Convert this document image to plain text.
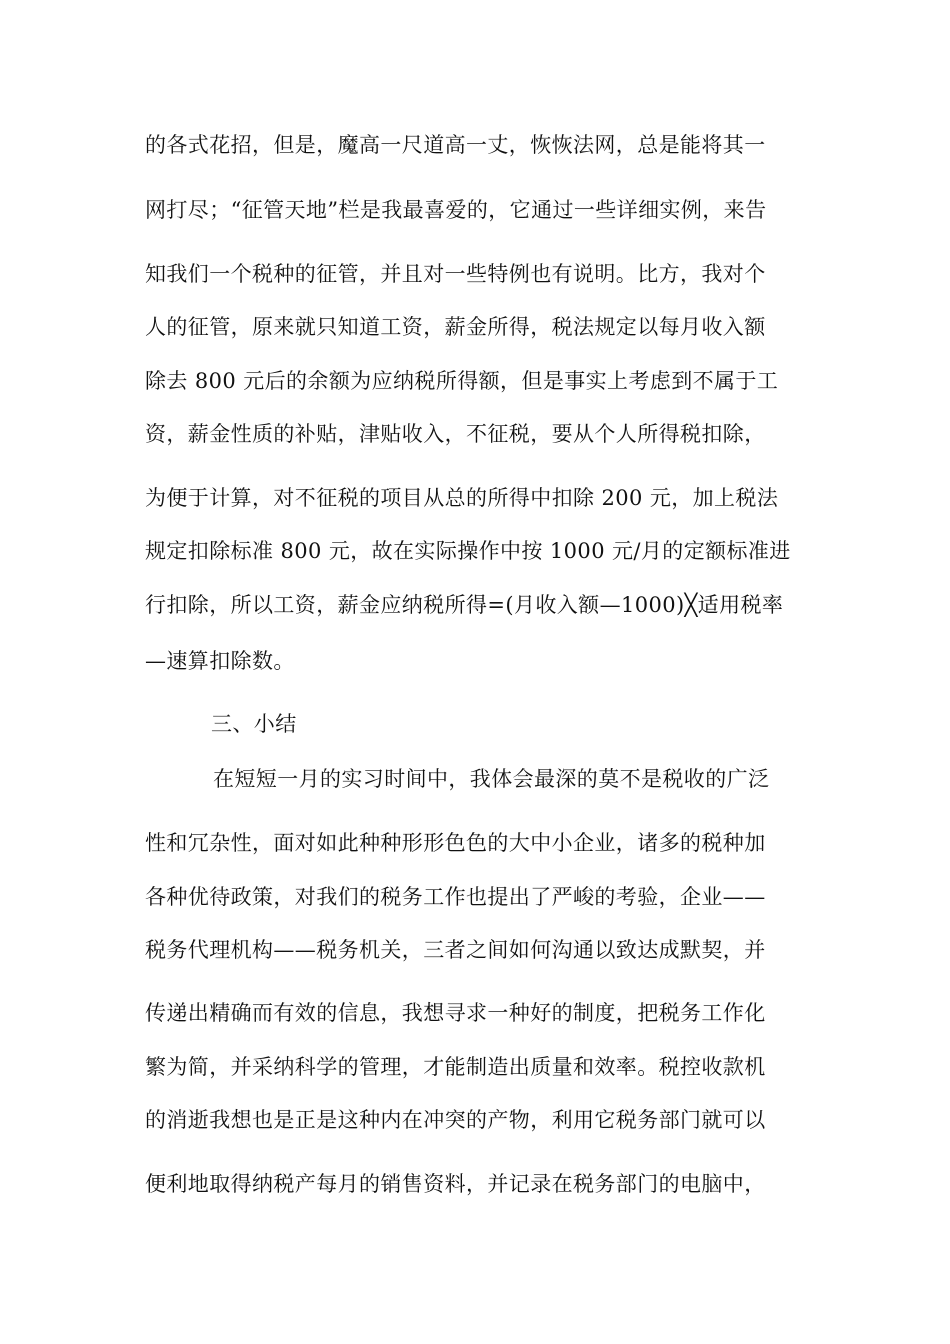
的各式花招，但是，魔高一尺道高一丈，恢恢法网，总是能将其一
网打尽；“征管天地”栏是我最喜爱的，它通过一些详细实例，来告
知我们一个税种的征管，并且对一些特例也有说明。比方，我对个
人的征管，原来就只知道工资，薪金所得，税法规定以每月收入额
除去 800 元后的余额为应纳税所得额，但是事实上考虑到不属于工
资，薪金性质的补贴，津贴收入，不征税，要从个人所得税扣除，
为便于计算，对不征税的项目从总的所得中扣除 200 元，加上税法
规定扣除标准 800 元，故在实际操作中按 1000 元/月的定额标准进
行扣除，所以工资，薪金应纳税所得=(月收入额—1000)╳适用税率
—速算扣除数。
三、小结
在短短一月的实习时间中，我体会最深的莫不是税收的广泛
性和冗杂性，面对如此种种形形色色的大中小企业，诸多的税种加
各种优待政策，对我们的税务工作也提出了严峻的考验，企业——
税务代理机构——税务机关，三者之间如何沟通以致达成默契，并
传递出精确而有效的信息，我想寻求一种好的制度，把税务工作化
繁为简，并采纳科学的管理，才能制造出质量和效率。税控收款机
的消逝我想也是正是这种内在冲突的产物，利用它税务部门就可以
便利地取得纳税产每月的销售资料，并记录在税务部门的电脑中，
